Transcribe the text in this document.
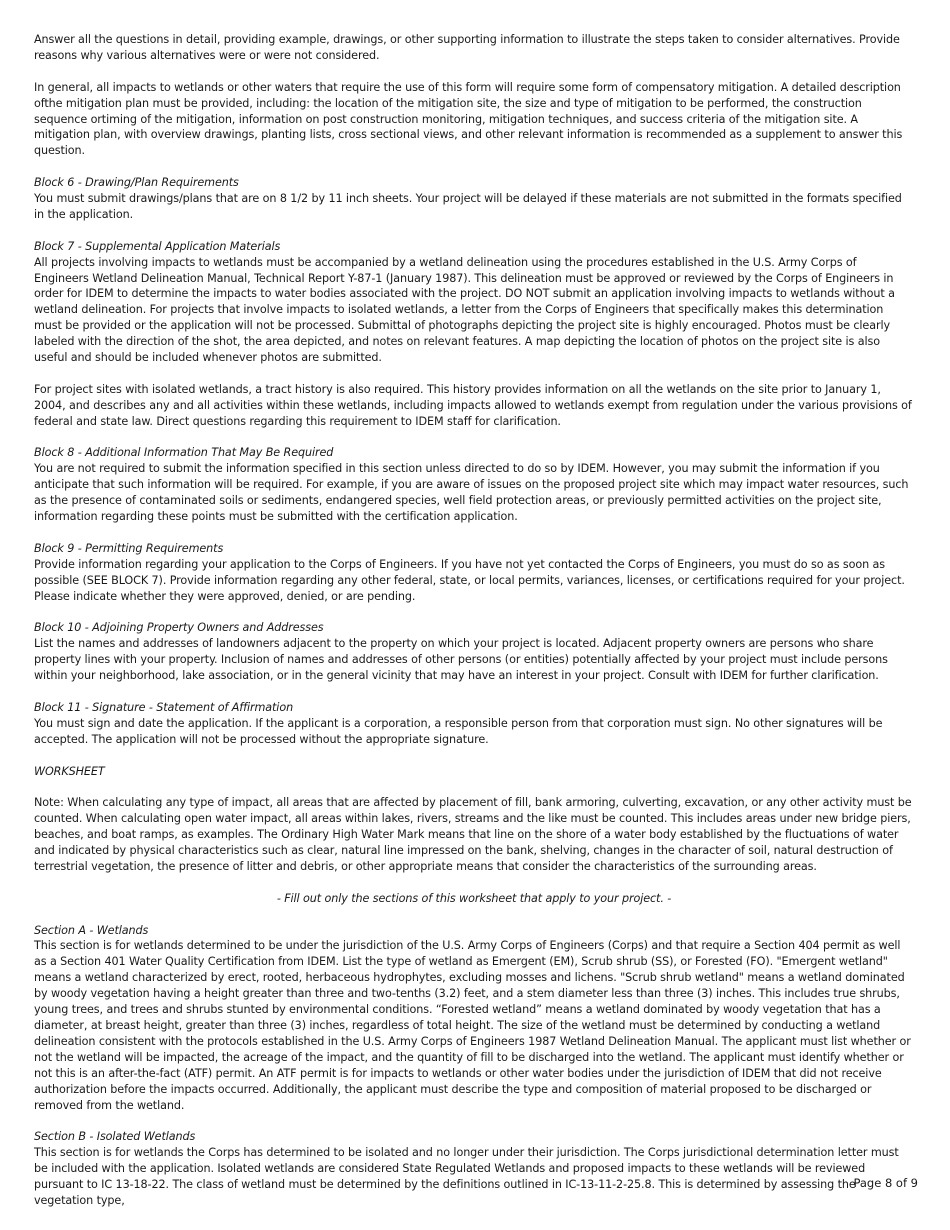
Answer all the questions in detail, providing example, drawings, or other supporting information to illustrate the steps taken to consider alternatives. Provide reasons why various alternatives were or were not considered.

In general, all impacts to wetlands or other waters that require the use of this form will require some form of compensatory mitigation. A detailed description ofthe mitigation plan must be provided, including: the location of the mitigation site, the size and type of mitigation to be performed, the construction sequence ortiming of the mitigation, information on post construction monitoring, mitigation techniques, and success criteria of the mitigation site. A mitigation plan, with overview drawings, planting lists, cross sectional views, and other relevant information is recommended as a supplement to answer this question.

Block 6 - Drawing/Plan Requirements

You must submit drawings/plans that are on 8 1/2 by 11 inch sheets. Your project will be delayed if these materials are not submitted in the formats specified in the application.

Block 7 - Supplemental Application Materials

All projects involving impacts to wetlands must be accompanied by a wetland delineation using the procedures established in the U.S. Army Corps of Engineers Wetland Delineation Manual, Technical Report Y-87-1 (January 1987). This delineation must be approved or reviewed by the Corps of Engineers in order for IDEM to determine the impacts to water bodies associated with the project. DO NOT submit an application involving impacts to wetlands without a wetland delineation. For projects that involve impacts to isolated wetlands, a letter from the Corps of Engineers that specifically makes this determination must be provided or the application will not be processed. Submittal of photographs depicting the project site is highly encouraged. Photos must be clearly labeled with the direction of the shot, the area depicted, and notes on relevant features. A map depicting the location of photos on the project site is also useful and should be included whenever photos are submitted.

For project sites with isolated wetlands, a tract history is also required. This history provides information on all the wetlands on the site prior to January 1, 2004, and describes any and all activities within these wetlands, including impacts allowed to wetlands exempt from regulation under the various provisions of federal and state law. Direct questions regarding this requirement to IDEM staff for clarification.

Block 8 - Additional Information That May Be Required

You are not required to submit the information specified in this section unless directed to do so by IDEM. However, you may submit the information if you anticipate that such information will be required. For example, if you are aware of issues on the proposed project site which may impact water resources, such as the presence of contaminated soils or sediments, endangered species, well field protection areas, or previously permitted activities on the project site, information regarding these points must be submitted with the certification application.

Block 9 - Permitting Requirements

Provide information regarding your application to the Corps of Engineers. If you have not yet contacted the Corps of Engineers, you must do so as soon as possible (SEE BLOCK 7). Provide information regarding any other federal, state, or local permits, variances, licenses, or certifications required for your project. Please indicate whether they were approved, denied, or are pending.

Block 10 - Adjoining Property Owners and Addresses

List the names and addresses of landowners adjacent to the property on which your project is located. Adjacent property owners are persons who share property lines with your property. Inclusion of names and addresses of other persons (or entities) potentially affected by your project must include persons within your neighborhood, lake association, or in the general vicinity that may have an interest in your project. Consult with IDEM for further clarification.

Block 11 - Signature - Statement of Affirmation

You must sign and date the application. If the applicant is a corporation, a responsible person from that corporation must sign. No other signatures will be accepted. The application will not be processed without the appropriate signature.

WORKSHEET

Note: When calculating any type of impact, all areas that are affected by placement of fill, bank armoring, culverting, excavation, or any other activity must be counted. When calculating open water impact, all areas within lakes, rivers, streams and the like must be counted. This includes areas under new bridge piers, beaches, and boat ramps, as examples. The Ordinary High Water Mark means that line on the shore of a water body established by the fluctuations of water and indicated by physical characteristics such as clear, natural line impressed on the bank, shelving, changes in the character of soil, natural destruction of terrestrial vegetation, the presence of litter and debris, or other appropriate means that consider the characteristics of the surrounding areas.

- Fill out only the sections of this worksheet that apply to your project. -

Section A - Wetlands

This section is for wetlands determined to be under the jurisdiction of the U.S. Army Corps of Engineers (Corps) and that require a Section 404 permit as well as a Section 401 Water Quality Certification from IDEM. List the type of wetland as Emergent (EM), Scrub shrub (SS), or Forested (FO). "Emergent wetland" means a wetland characterized by erect, rooted, herbaceous hydrophytes, excluding mosses and lichens. "Scrub shrub wetland" means a wetland dominated by woody vegetation having a height greater than three and two-tenths (3.2) feet, and a stem diameter less than three (3) inches. This includes true shrubs, young trees, and trees and shrubs stunted by environmental conditions. “Forested wetland” means a wetland dominated by woody vegetation that has a diameter, at breast height, greater than three (3) inches, regardless of total height. The size of the wetland must be determined by conducting a wetland delineation consistent with the protocols established in the U.S. Army Corps of Engineers 1987 Wetland Delineation Manual. The applicant must list whether or not the wetland will be impacted, the acreage of the impact, and the quantity of fill to be discharged into the wetland. The applicant must identify whether or not this is an after-the-fact (ATF) permit. An ATF permit is for impacts to wetlands or other water bodies under the jurisdiction of IDEM that did not receive authorization before the impacts occurred. Additionally, the applicant must describe the type and composition of material proposed to be discharged or removed from the wetland.

Section B - Isolated Wetlands

This section is for wetlands the Corps has determined to be isolated and no longer under their jurisdiction. The Corps jurisdictional determination letter must be included with the application. Isolated wetlands are considered State Regulated Wetlands and proposed impacts to these wetlands will be reviewed pursuant to IC 13-18-22. The class of wetland must be determined by the definitions outlined in IC-13-11-2-25.8. This is determined by assessing the vegetation type,

Page 8 of 9
